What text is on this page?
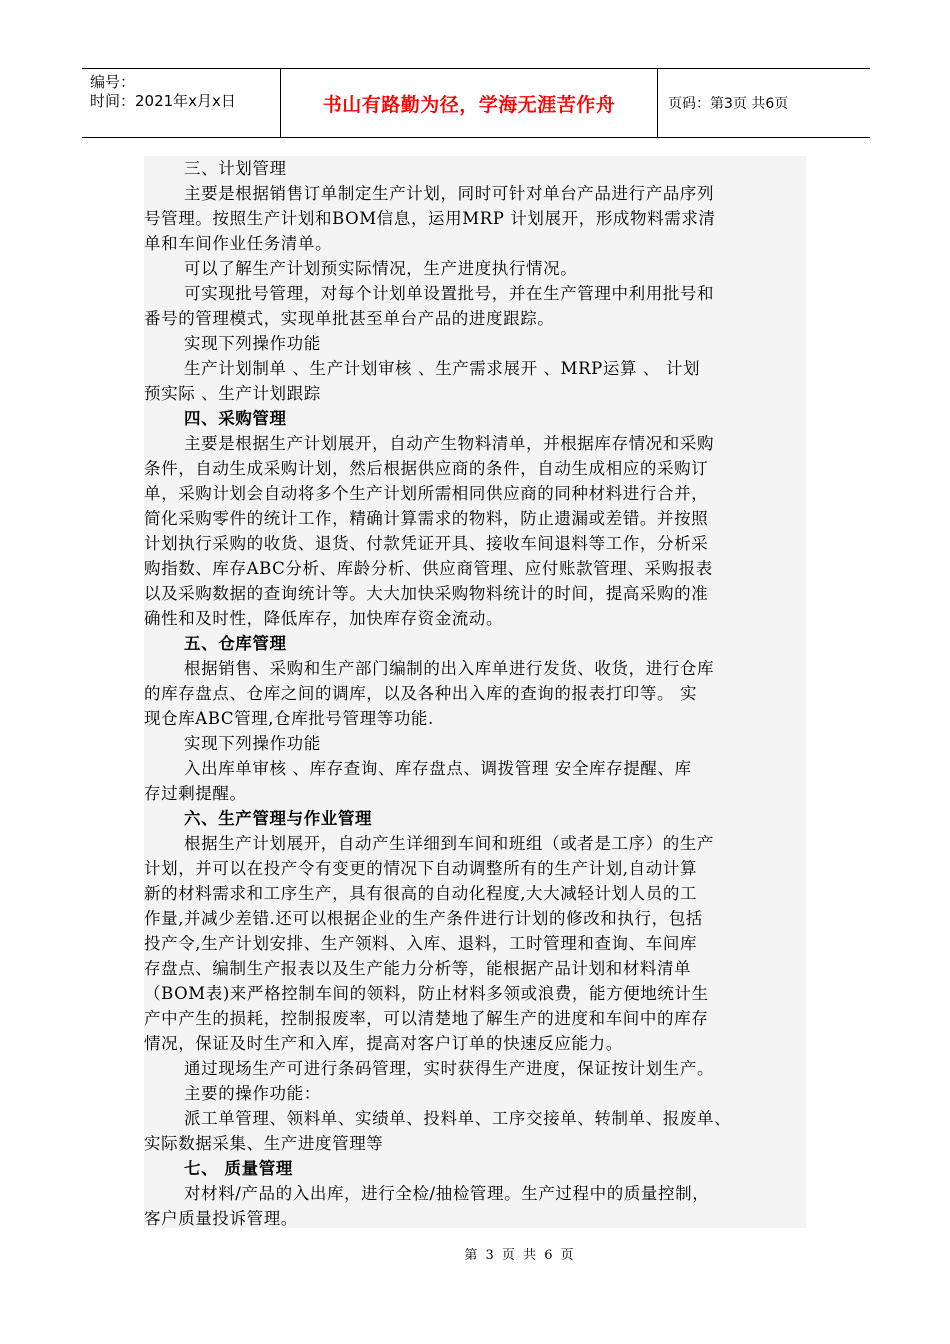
编号：
时间：2021年x月x日	书山有路勤为径，学海无涯苦作舟	页码：第3页 共6页
三、计划管理
主要是根据销售订单制定生产计划，同时可针对单台产品进行产品序列
号管理。按照生产计划和BOM信息，运用MRP 计划展开，形成物料需求清
单和车间作业任务清单。
可以了解生产计划预实际情况，生产进度执行情况。
可实现批号管理，对每个计划单设置批号，并在生产管理中利用批号和
番号的管理模式，实现单批甚至单台产品的进度跟踪。
实现下列操作功能
生产计划制单 、生产计划审核 、生产需求展开 、MRP运算 、 计划
预实际 、生产计划跟踪
四、采购管理
主要是根据生产计划展开，自动产生物料清单，并根据库存情况和采购
条件，自动生成采购计划，然后根据供应商的条件，自动生成相应的采购订
单，采购计划会自动将多个生产计划所需相同供应商的同种材料进行合并，
简化采购零件的统计工作，精确计算需求的物料，防止遗漏或差错。并按照
计划执行采购的收货、退货、付款凭证开具、接收车间退料等工作，分析采
购指数、库存ABC分析、库龄分析、供应商管理、应付账款管理、采购报表
以及采购数据的查询统计等。大大加快采购物料统计的时间，提高采购的准
确性和及时性，降低库存，加快库存资金流动。
五、仓库管理
根据销售、采购和生产部门编制的出入库单进行发货、收货，进行仓库
的库存盘点、仓库之间的调库，以及各种出入库的查询的报表打印等。 实
现仓库ABC管理,仓库批号管理等功能.
实现下列操作功能
入出库单审核 、库存查询、库存盘点、调拨管理 安全库存提醒、库
存过剩提醒。
六、生产管理与作业管理
根据生产计划展开，自动产生详细到车间和班组（或者是工序）的生产
计划，并可以在投产令有变更的情况下自动调整所有的生产计划,自动计算
新的材料需求和工序生产，具有很高的自动化程度,大大减轻计划人员的工
作量,并减少差错.还可以根据企业的生产条件进行计划的修改和执行，包括
投产令,生产计划安排、生产领料、入库、退料，工时管理和查询、车间库
存盘点、编制生产报表以及生产能力分析等，能根据产品计划和材料清单
（BOM表)来严格控制车间的领料，防止材料多领或浪费，能方便地统计生
产中产生的损耗，控制报废率，可以清楚地了解生产的进度和车间中的库存
情况，保证及时生产和入库，提高对客户订单的快速反应能力。
通过现场生产可进行条码管理，实时获得生产进度，保证按计划生产。
主要的操作功能：
派工单管理、领料单、实绩单、投料单、工序交接单、转制单、报废单、
实际数据采集、生产进度管理等
七、 质量管理
对材料/产品的入出库，进行全检/抽检管理。生产过程中的质量控制，
客户质量投诉管理。
第 3 页 共 6 页
